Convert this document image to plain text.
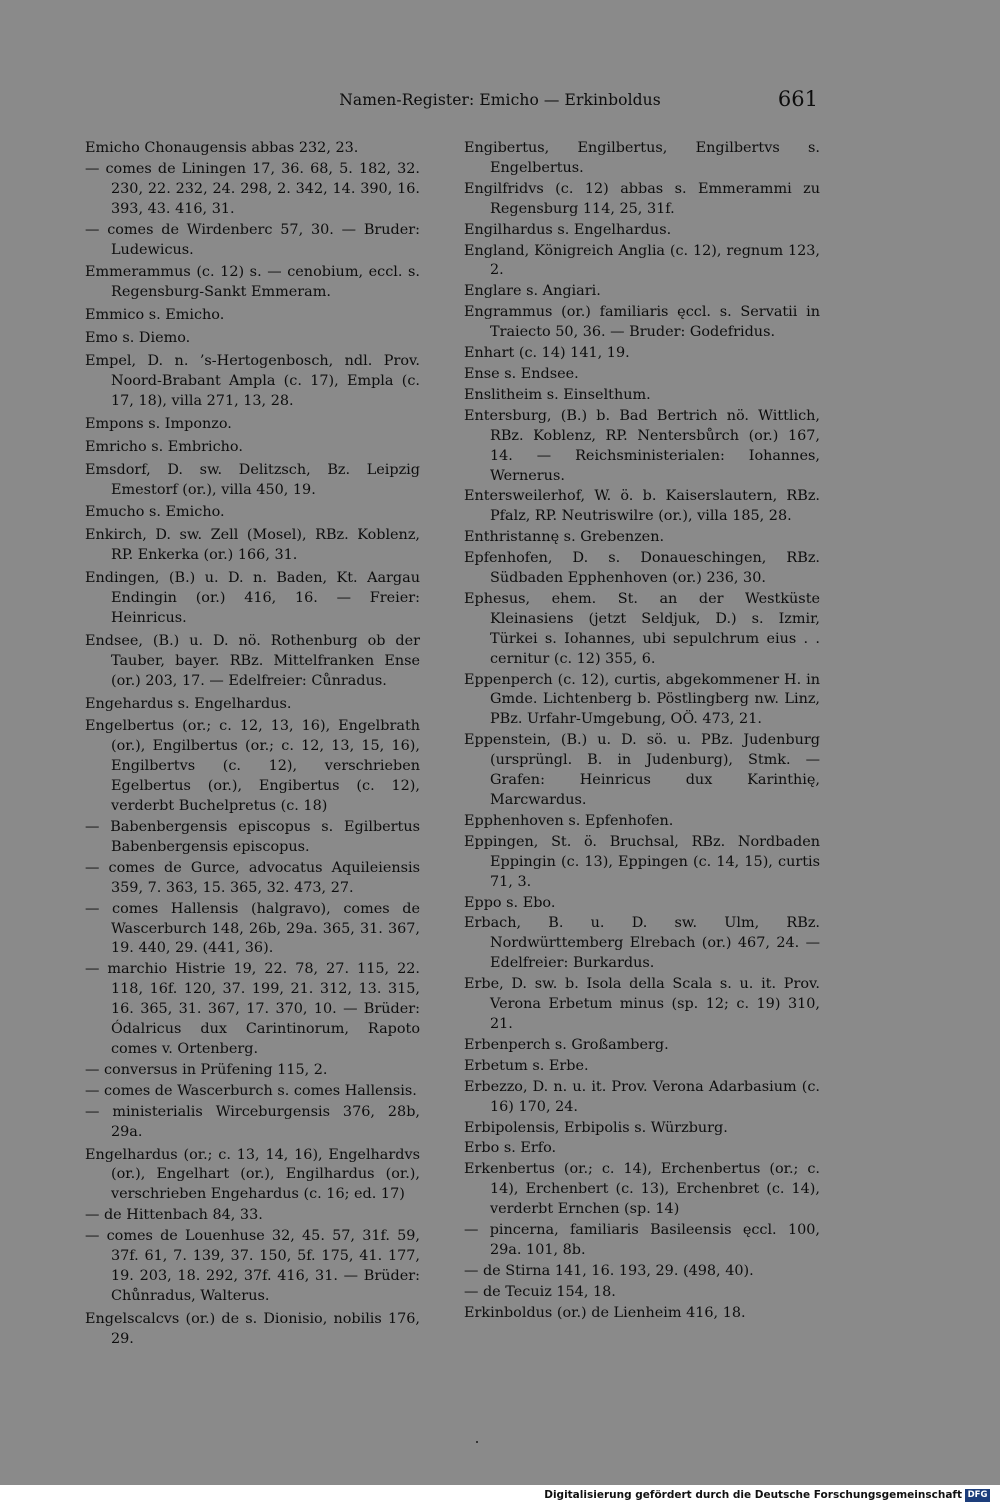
Namen-Register: Emicho — Erkinboldus	661

Emicho Chonaugensis abbas 232, 23.

— comes de Liningen 17, 36. 68, 5. 182, 32. 230, 22. 232, 24. 298, 2. 342, 14. 390, 16. 393, 43. 416, 31.

— comes de Wirdenberc 57, 30. — Bruder: Ludewicus.

Emmerammus (c. 12) s. — cenobium, eccl. s. Regensburg-Sankt Emmeram.

Emmico s. Emicho.

Emo s. Diemo.

Empel, D. n. ’s-Hertogenbosch, ndl. Prov. Noord-Brabant Ampla (c. 17), Empla (c. 17, 18), villa 271, 13, 28.

Empons s. Imponzo.

Emricho s. Embricho.

Emsdorf, D. sw. Delitzsch, Bz. Leipzig Emestorf (or.), villa 450, 19.

Emucho s. Emicho.

Enkirch, D. sw. Zell (Mosel), RBz. Koblenz, RP. Enkerka (or.) 166, 31.

Endingen, (B.) u. D. n. Baden, Kt. Aargau Endingin (or.) 416, 16. — Freier: Heinricus.

Endsee, (B.) u. D. nö. Rothenburg ob der Tauber, bayer. RBz. Mittelfranken Ense (or.) 203, 17. — Edelfreier: Cůnradus.

Engehardus s. Engelhardus.

Engelbertus (or.; c. 12, 13, 16), Engelbrath (or.), Engilbertus (or.; c. 12, 13, 15, 16), Engilbertvs (c. 12), verschrieben Egelbertus (or.), Engibertus (c. 12), verderbt Buchelpretus (c. 18)

— Babenbergensis episcopus s. Egilbertus Babenbergensis episcopus.

— comes de Gurce, advocatus Aquileiensis 359, 7. 363, 15. 365, 32. 473, 27.

— comes Hallensis (halgravo), comes de Wascerburch 148, 26b, 29a. 365, 31. 367, 19. 440, 29. (441, 36).

— marchio Histrie 19, 22. 78, 27. 115, 22. 118, 16f. 120, 37. 199, 21. 312, 13. 315, 16. 365, 31. 367, 17. 370, 10. — Brüder: Ódalricus dux Carintinorum, Rapoto comes v. Ortenberg.

— conversus in Prüfening 115, 2.

— comes de Wascerburch s. comes Hallensis.

— ministerialis Wirceburgensis 376, 28b, 29a.

Engelhardus (or.; c. 13, 14, 16), Engelhardvs (or.), Engelhart (or.), Engilhardus (or.), verschrieben Engehardus (c. 16; ed. 17)

— de Hittenbach 84, 33.

— comes de Louenhuse 32, 45. 57, 31f. 59, 37f. 61, 7. 139, 37. 150, 5f. 175, 41. 177, 19. 203, 18. 292, 37f. 416, 31. — Brüder: Chůnradus, Walterus.

Engelscalcvs (or.) de s. Dionisio, nobilis 176, 29.

Engibertus, Engilbertus, Engilbertvs s. Engelbertus.

Engilfridvs (c. 12) abbas s. Emmerammi zu Regensburg 114, 25, 31f.

Engilhardus s. Engelhardus.

England, Königreich Anglia (c. 12), regnum 123, 2.

Englare s. Angiari.

Engrammus (or.) familiaris ęccl. s. Servatii in Traiecto 50, 36. — Bruder: Godefridus.

Enhart (c. 14) 141, 19.

Ense s. Endsee.

Enslitheim s. Einselthum.

Entersburg, (B.) b. Bad Bertrich nö. Wittlich, RBz. Koblenz, RP. Nentersbůrch (or.) 167, 14. — Reichsministerialen: Iohannes, Wernerus.

Entersweilerhof, W. ö. b. Kaiserslautern, RBz. Pfalz, RP. Neutriswilre (or.), villa 185, 28.

Enthristannę s. Grebenzen.

Epfenhofen, D. s. Donaueschingen, RBz. Südbaden Epphenhoven (or.) 236, 30.

Ephesus, ehem. St. an der Westküste Kleinasiens (jetzt Seldjuk, D.) s. Izmir, Türkei s. Iohannes, ubi sepulchrum eius . . cernitur (c. 12) 355, 6.

Eppenperch (c. 12), curtis, abgekommener H. in Gmde. Lichtenberg b. Pöstlingberg nw. Linz, PBz. Urfahr-Umgebung, OÖ. 473, 21.

Eppenstein, (B.) u. D. sö. u. PBz. Judenburg (ursprüngl. B. in Judenburg), Stmk. — Grafen: Heinricus dux Karinthię, Marcwardus.

Epphenhoven s. Epfenhofen.

Eppingen, St. ö. Bruchsal, RBz. Nordbaden Eppingin (c. 13), Eppingen (c. 14, 15), curtis 71, 3.

Eppo s. Ebo.

Erbach, B. u. D. sw. Ulm, RBz. Nordwürttemberg Elrebach (or.) 467, 24. — Edelfreier: Burkardus.

Erbe, D. sw. b. Isola della Scala s. u. it. Prov. Verona Erbetum minus (sp. 12; c. 19) 310, 21.

Erbenperch s. Großamberg.

Erbetum s. Erbe.

Erbezzo, D. n. u. it. Prov. Verona Adarbasium (c. 16) 170, 24.

Erbipolensis, Erbipolis s. Würzburg.

Erbo s. Erfo.

Erkenbertus (or.; c. 14), Erchenbertus (or.; c. 14), Erchenbert (c. 13), Erchenbret (c. 14), verderbt Ernchen (sp. 14)

— pincerna, familiaris Basileensis ęccl. 100, 29a. 101, 8b.

— de Stirna 141, 16. 193, 29. (498, 40).

— de Tecuiz 154, 18.

Erkinboldus (or.) de Lienheim 416, 18.

Digitalisierung gefördert durch die Deutsche Forschungsgemeinschaft DFG
